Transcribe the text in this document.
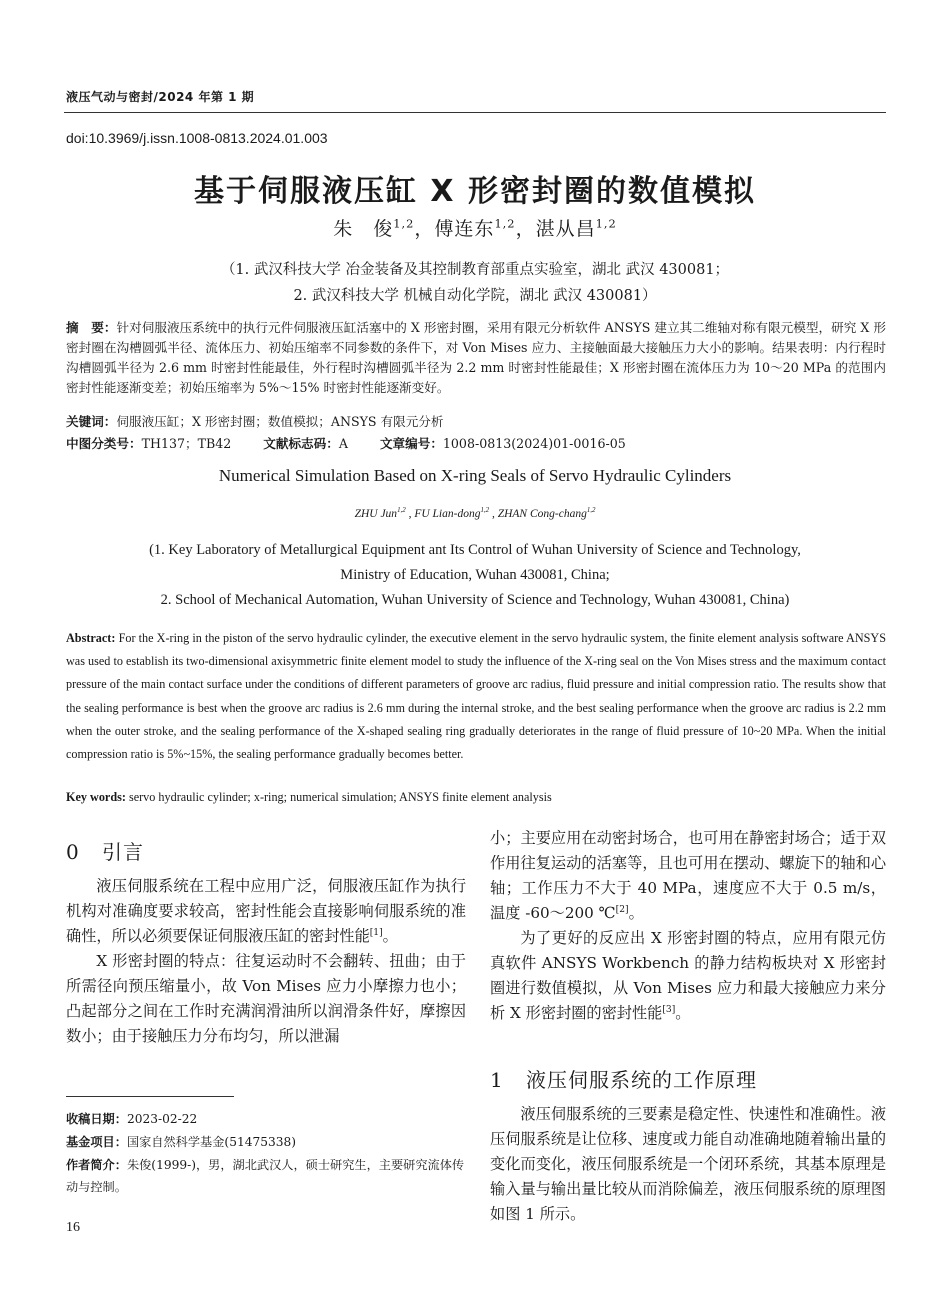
液压气动与密封/2024 年第 1 期
doi:10.3969/j.issn.1008-0813.2024.01.003
基于伺服液压缸 X 形密封圈的数值模拟
朱　俊$^{1,2}$，傅连东$^{1,2}$，湛从昌$^{1,2}$
（1. 武汉科技大学 冶金装备及其控制教育部重点实验室，湖北 武汉 430081；
2. 武汉科技大学 机械自动化学院，湖北 武汉 430081）
摘　要：针对伺服液压系统中的执行元件伺服液压缸活塞中的 X 形密封圈，采用有限元分析软件 ANSYS 建立其二维轴对称有限元模型，研究 X 形密封圈在沟槽圆弧半径、流体压力、初始压缩率不同参数的条件下，对 Von Mises 应力、主接触面最大接触压力大小的影响。结果表明：内行程时沟槽圆弧半径为 2.6 mm 时密封性能最佳，外行程时沟槽圆弧半径为 2.2 mm 时密封性能最佳；X 形密封圈在流体压力为 10～20 MPa 的范围内密封性能逐渐变差；初始压缩率为 5%～15% 时密封性能逐渐变好。
关键词：伺服液压缸；X 形密封圈；数值模拟；ANSYS 有限元分析
中图分类号：TH137；TB42	文献标志码：A	文章编号：1008-0813(2024)01-0016-05
Numerical Simulation Based on X-ring Seals of Servo Hydraulic Cylinders
ZHU Jun$^{1,2}$ , FU Lian-dong$^{1,2}$ , ZHAN Cong-chang$^{1,2}$
(1. Key Laboratory of Metallurgical Equipment ant Its Control of Wuhan University of Science and Technology,
Ministry of Education, Wuhan 430081, China;
2. School of Mechanical Automation, Wuhan University of Science and Technology, Wuhan 430081, China)
Abstract: For the X-ring in the piston of the servo hydraulic cylinder, the executive element in the servo hydraulic system, the finite element analysis software ANSYS was used to establish its two-dimensional axisymmetric finite element model to study the influence of the X-ring seal on the Von Mises stress and the maximum contact pressure of the main contact surface under the conditions of different parameters of groove arc radius, fluid pressure and initial compression ratio. The results show that the sealing performance is best when the groove arc radius is 2.6 mm during the internal stroke, and the best sealing performance when the groove arc radius is 2.2 mm when the outer stroke, and the sealing performance of the X-shaped sealing ring gradually deteriorates in the range of fluid pressure of 10~20 MPa. When the initial compression ratio is 5%~15%, the sealing performance gradually becomes better.
Key words: servo hydraulic cylinder; x-ring; numerical simulation; ANSYS finite element analysis
0 引言

液压伺服系统在工程中应用广泛，伺服液压缸作为执行机构对准确度要求较高，密封性能会直接影响伺服系统的准确性，所以必须要保证伺服液压缸的密封性能[1]。

X 形密封圈的特点：往复运动时不会翻转、扭曲；由于所需径向预压缩量小，故 Von Mises 应力小摩擦力也小；凸起部分之间在工作时充满润滑油所以润滑条件好，摩擦因数小；由于接触压力分布均匀，所以泄漏

收稿日期：2023-02-22
基金项目：国家自然科学基金(51475338)
作者简介：朱俊(1999-)，男，湖北武汉人，硕士研究生，主要研究流体传动与控制。
16

小；主要应用在动密封场合，也可用在静密封场合；适于双作用往复运动的活塞等，且也可用在摆动、螺旋下的轴和心轴；工作压力不大于 40 MPa，速度应不大于 0.5 m/s，温度 -60～200 ℃[2]。

为了更好的反应出 X 形密封圈的特点，应用有限元仿真软件 ANSYS Workbench 的静力结构板块对 X 形密封圈进行数值模拟，从 Von Mises 应力和最大接触应力来分析 X 形密封圈的密封性能[3]。

1 液压伺服系统的工作原理

液压伺服系统的三要素是稳定性、快速性和准确性。液压伺服系统是让位移、速度或力能自动准确地随着输出量的变化而变化，液压伺服系统是一个闭环系统，其基本原理是输入量与输出量比较从而消除偏差，液压伺服系统的原理图如图 1 所示。
